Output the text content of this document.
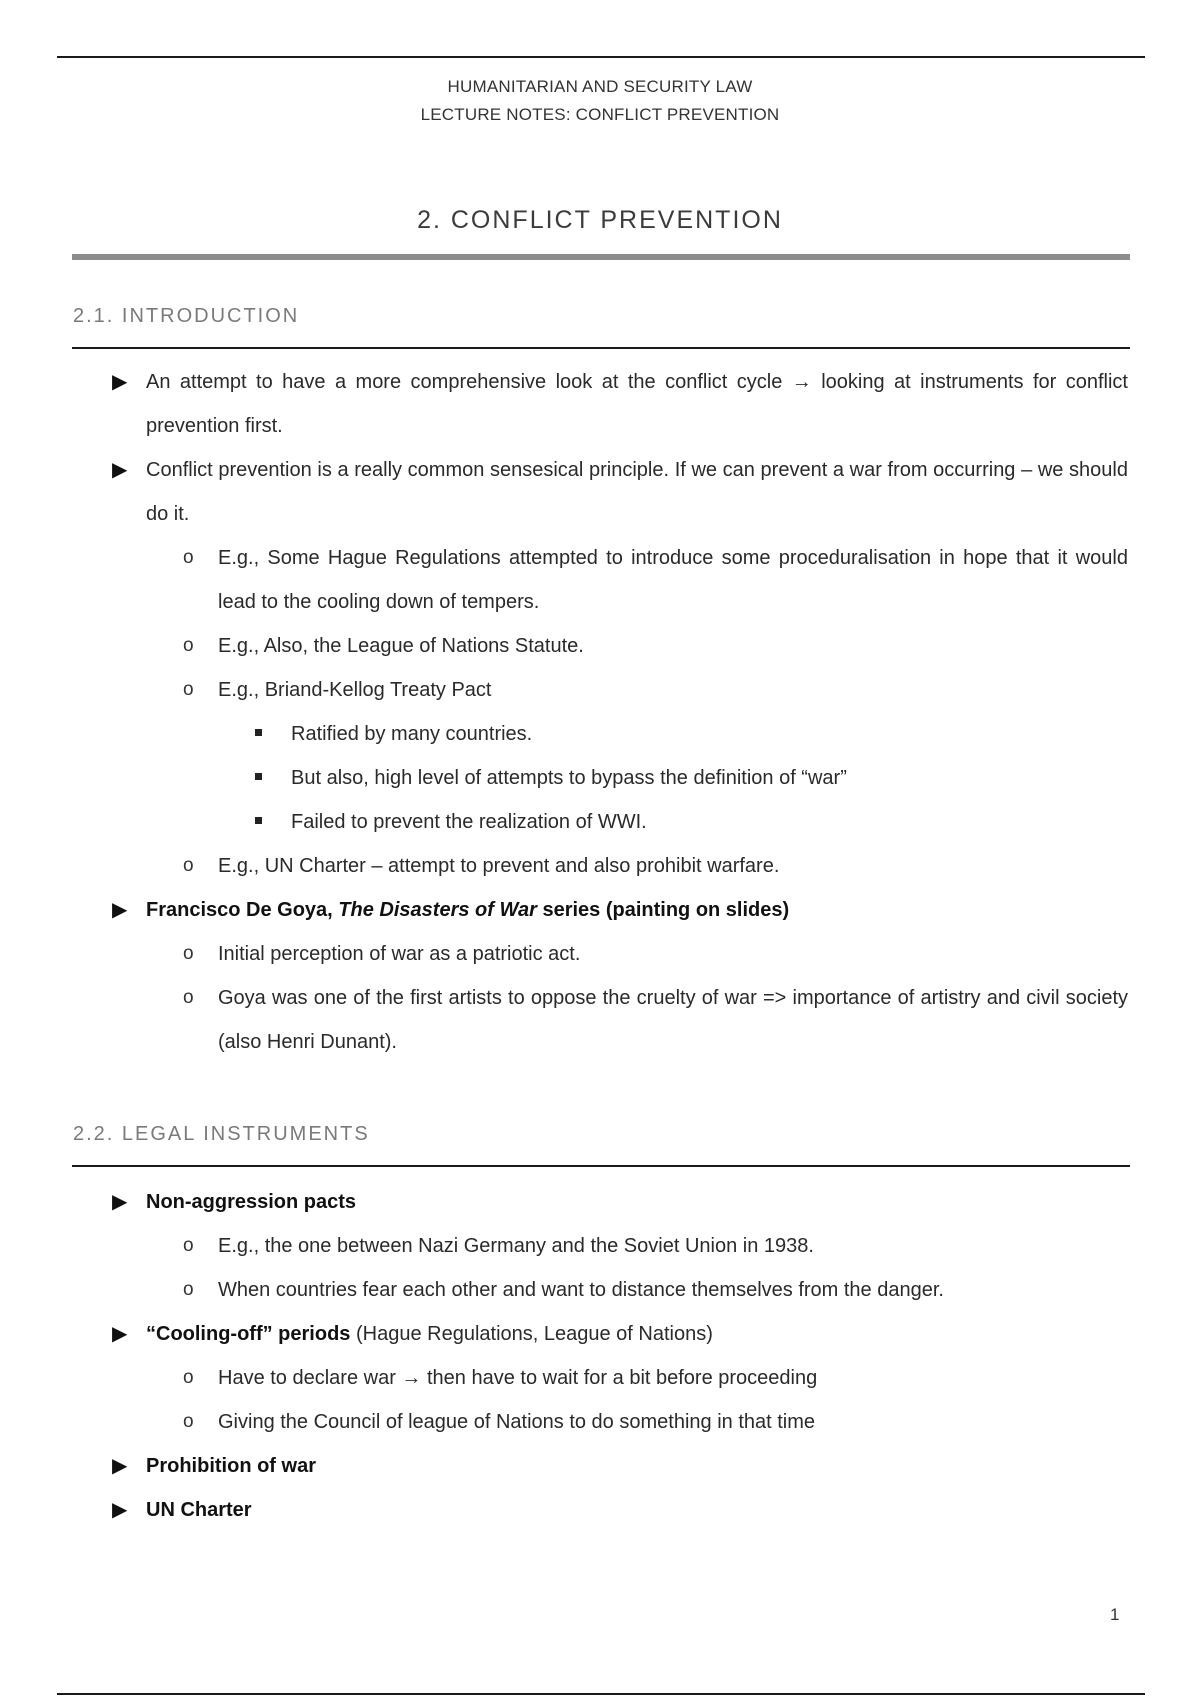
HUMANITARIAN AND SECURITY LAW
LECTURE NOTES: CONFLICT PREVENTION
2. CONFLICT PREVENTION
2.1. INTRODUCTION
▶ An attempt to have a more comprehensive look at the conflict cycle → looking at instruments for conflict prevention first.
▶ Conflict prevention is a really common sensesical principle. If we can prevent a war from occurring – we should do it.
o E.g., Some Hague Regulations attempted to introduce some proceduralisation in hope that it would lead to the cooling down of tempers.
o E.g., Also, the League of Nations Statute.
o E.g., Briand-Kellog Treaty Pact
Ratified by many countries.
But also, high level of attempts to bypass the definition of “war”
Failed to prevent the realization of WWI.
o E.g., UN Charter – attempt to prevent and also prohibit warfare.
▶ Francisco De Goya, The Disasters of War series (painting on slides)
o Initial perception of war as a patriotic act.
o Goya was one of the first artists to oppose the cruelty of war => importance of artistry and civil society (also Henri Dunant).
2.2. LEGAL INSTRUMENTS
▶ Non-aggression pacts
o E.g., the one between Nazi Germany and the Soviet Union in 1938.
o When countries fear each other and want to distance themselves from the danger.
▶ “Cooling-off” periods (Hague Regulations, League of Nations)
o Have to declare war → then have to wait for a bit before proceeding
o Giving the Council of league of Nations to do something in that time
▶ Prohibition of war
▶ UN Charter
1
